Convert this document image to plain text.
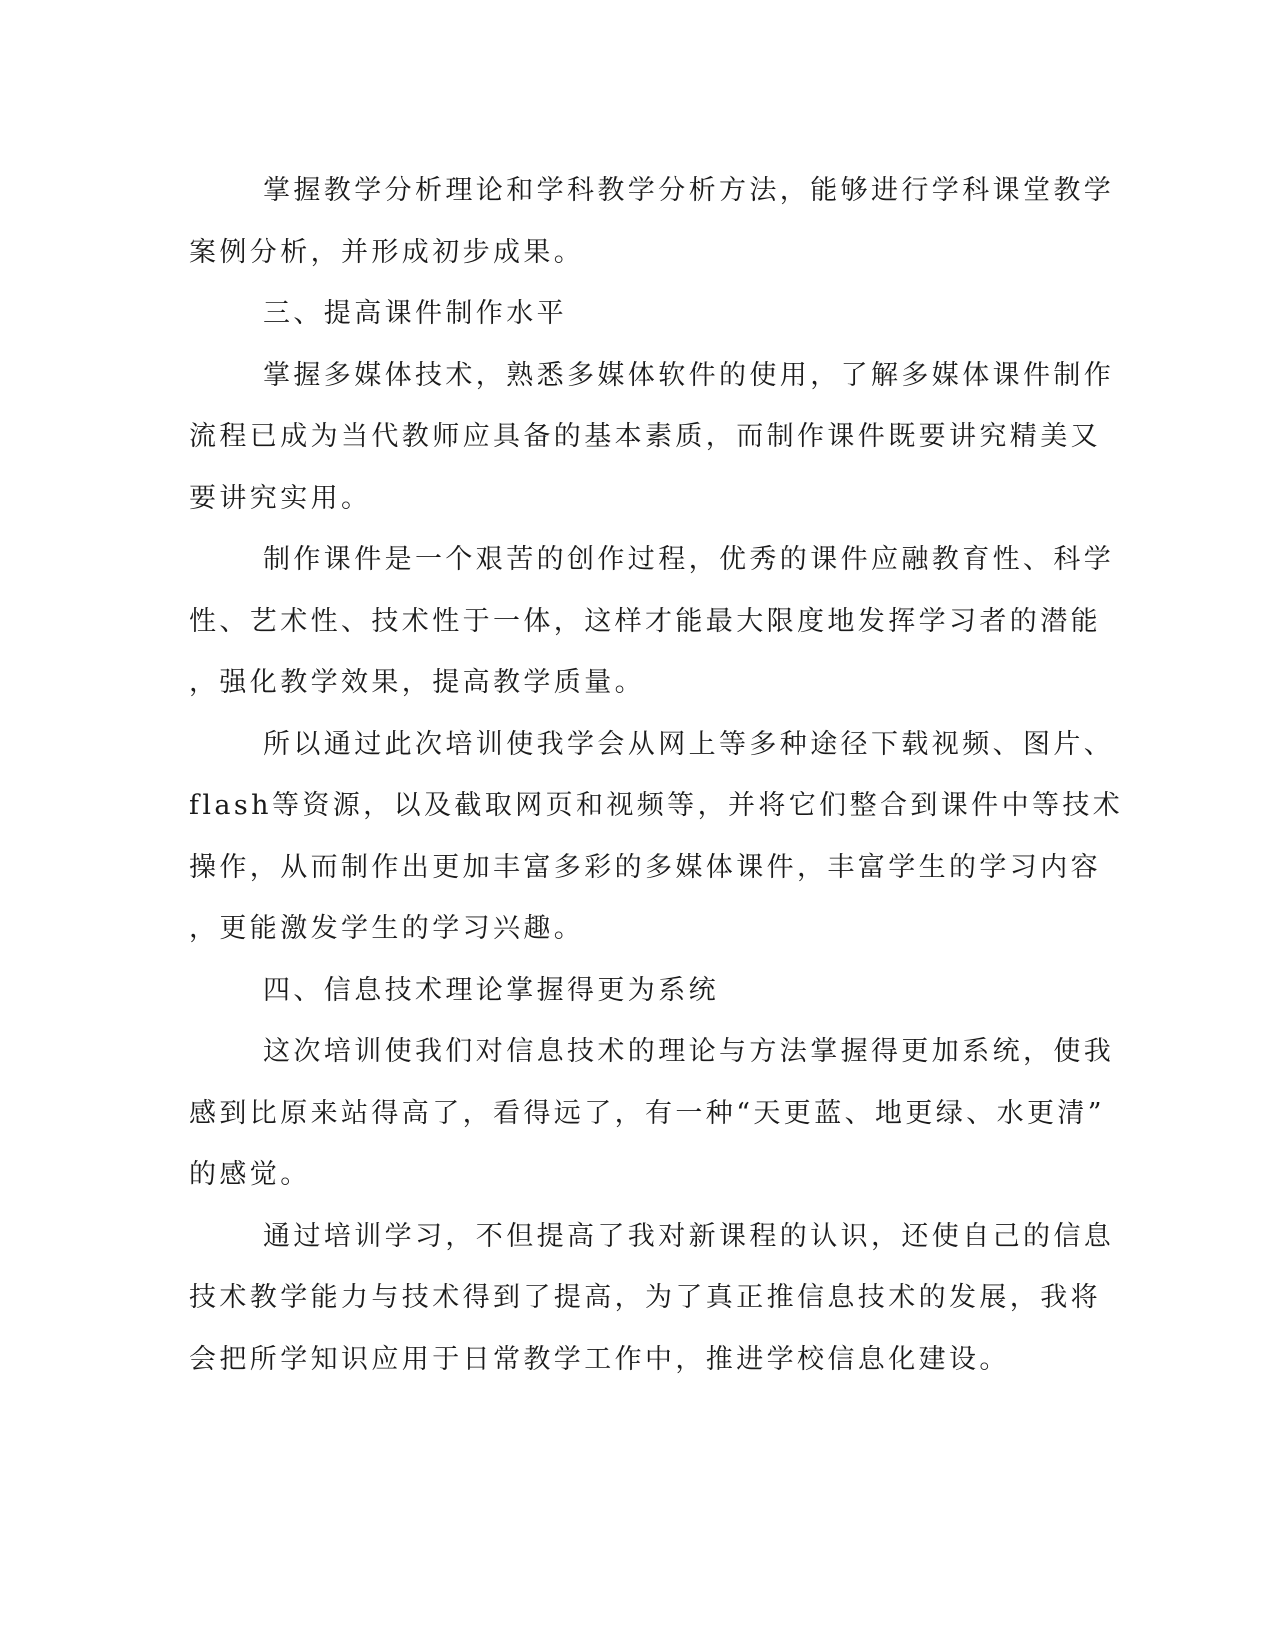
掌握教学分析理论和学科教学分析方法，能够进行学科课堂教学
案例分析，并形成初步成果。
三、提高课件制作水平
掌握多媒体技术，熟悉多媒体软件的使用，了解多媒体课件制作
流程已成为当代教师应具备的基本素质，而制作课件既要讲究精美又
要讲究实用。
制作课件是一个艰苦的创作过程，优秀的课件应融教育性、科学
性、艺术性、技术性于一体，这样才能最大限度地发挥学习者的潜能
，强化教学效果，提高教学质量。
所以通过此次培训使我学会从网上等多种途径下载视频、图片、
flash等资源，以及截取网页和视频等，并将它们整合到课件中等技术
操作，从而制作出更加丰富多彩的多媒体课件，丰富学生的学习内容
，更能激发学生的学习兴趣。
四、信息技术理论掌握得更为系统
这次培训使我们对信息技术的理论与方法掌握得更加系统，使我
感到比原来站得高了，看得远了，有一种“天更蓝、地更绿、水更清”
的感觉。
通过培训学习，不但提高了我对新课程的认识，还使自己的信息
技术教学能力与技术得到了提高，为了真正推信息技术的发展，我将
会把所学知识应用于日常教学工作中，推进学校信息化建设。
